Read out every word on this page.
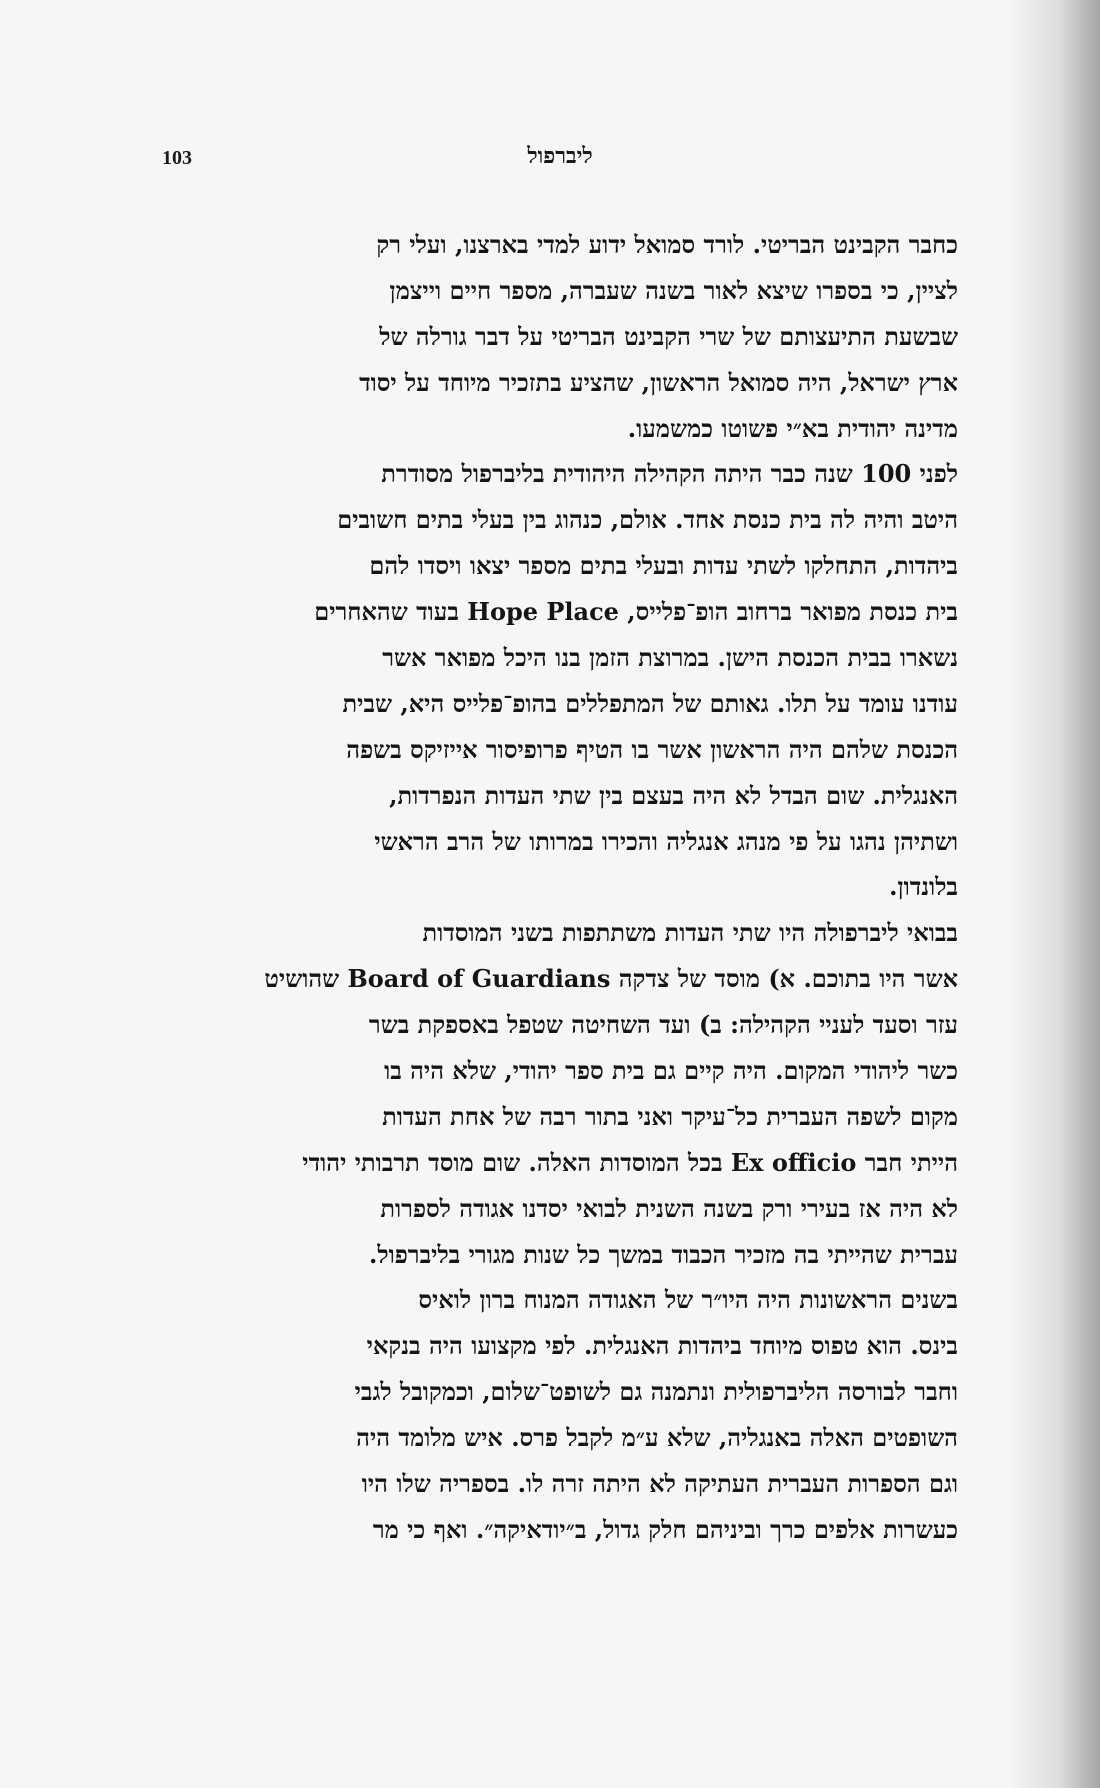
103	ליברפול
כחבר הקבינט הבריטי. לורד סמואל ידוע למדי בארצנו, ועלי רק
לציין, כי בספרו שיצא לאור בשנה שעברה, מספר חיים וייצמן
שבשעת התיעצותם של שרי הקבינט הבריטי על דבר גורלה של
ארץ ישראל, היה סמואל הראשון, שהציע בתזכיר מיוחד על יסוד
מדינה יהודית בא״י פשוטו כמשמעו.
לפני 100 שנה כבר היתה הקהילה היהודית בליברפול מסודרת
היטב והיה לה בית כנסת אחד. אולם, כנהוג בין בעלי בתים חשובים
ביהדות, התחלקו לשתי עדות ובעלי בתים מספר יצאו ויסדו להם
בית כנסת מפואר ברחוב הופ־פלייס, Hope Place בעוד שהאחרים
נשארו בבית הכנסת הישן. במרוצת הזמן בנו היכל מפואר אשר
עודנו עומד על תלו. גאותם של המתפללים בהופ־פלייס היא, שבית
הכנסת שלהם היה הראשון אשר בו הטיף פרופיסור אייזיקס בשפה
האנגלית. שום הבדל לא היה בעצם בין שתי העדות הנפרדות,
ושתיהן נהגו על פי מנהג אנגליה והכירו במרותו של הרב הראשי
בלונדון.
בבואי ליברפולה היו שתי העדות משתתפות בשני המוסדות
אשר היו בתוכם. א) מוסד של צדקה Board of Guardians שהושיט
עזר וסעד לעניי הקהילה: ב) ועד השחיטה שטפל באספקת בשר
כשר ליהודי המקום. היה קיים גם בית ספר יהודי, שלא היה בו
מקום לשפה העברית כל־עיקר ואני בתור רבה של אחת העדות
הייתי חבר Ex officio בכל המוסדות האלה. שום מוסד תרבותי יהודי
לא היה אז בעירי ורק בשנה השנית לבואי יסדנו אגודה לספרות
עברית שהייתי בה מזכיר הכבוד במשך כל שנות מגורי בליברפול.
בשנים הראשונות היה היו״ר של האגודה המנוח ברון לואיס
בינס. הוא טפוס מיוחד ביהדות האנגלית. לפי מקצועו היה בנקאי
וחבר לבורסה הליברפולית ונתמנה גם לשופט־שלום, וכמקובל לגבי
השופטים האלה באנגליה, שלא ע״מ לקבל פרס. איש מלומד היה
וגם הספרות העברית העתיקה לא היתה זרה לו. בספריה שלו היו
כעשרות אלפים כרך וביניהם חלק גדול, ב״יודאיקה״. ואף כי מר
